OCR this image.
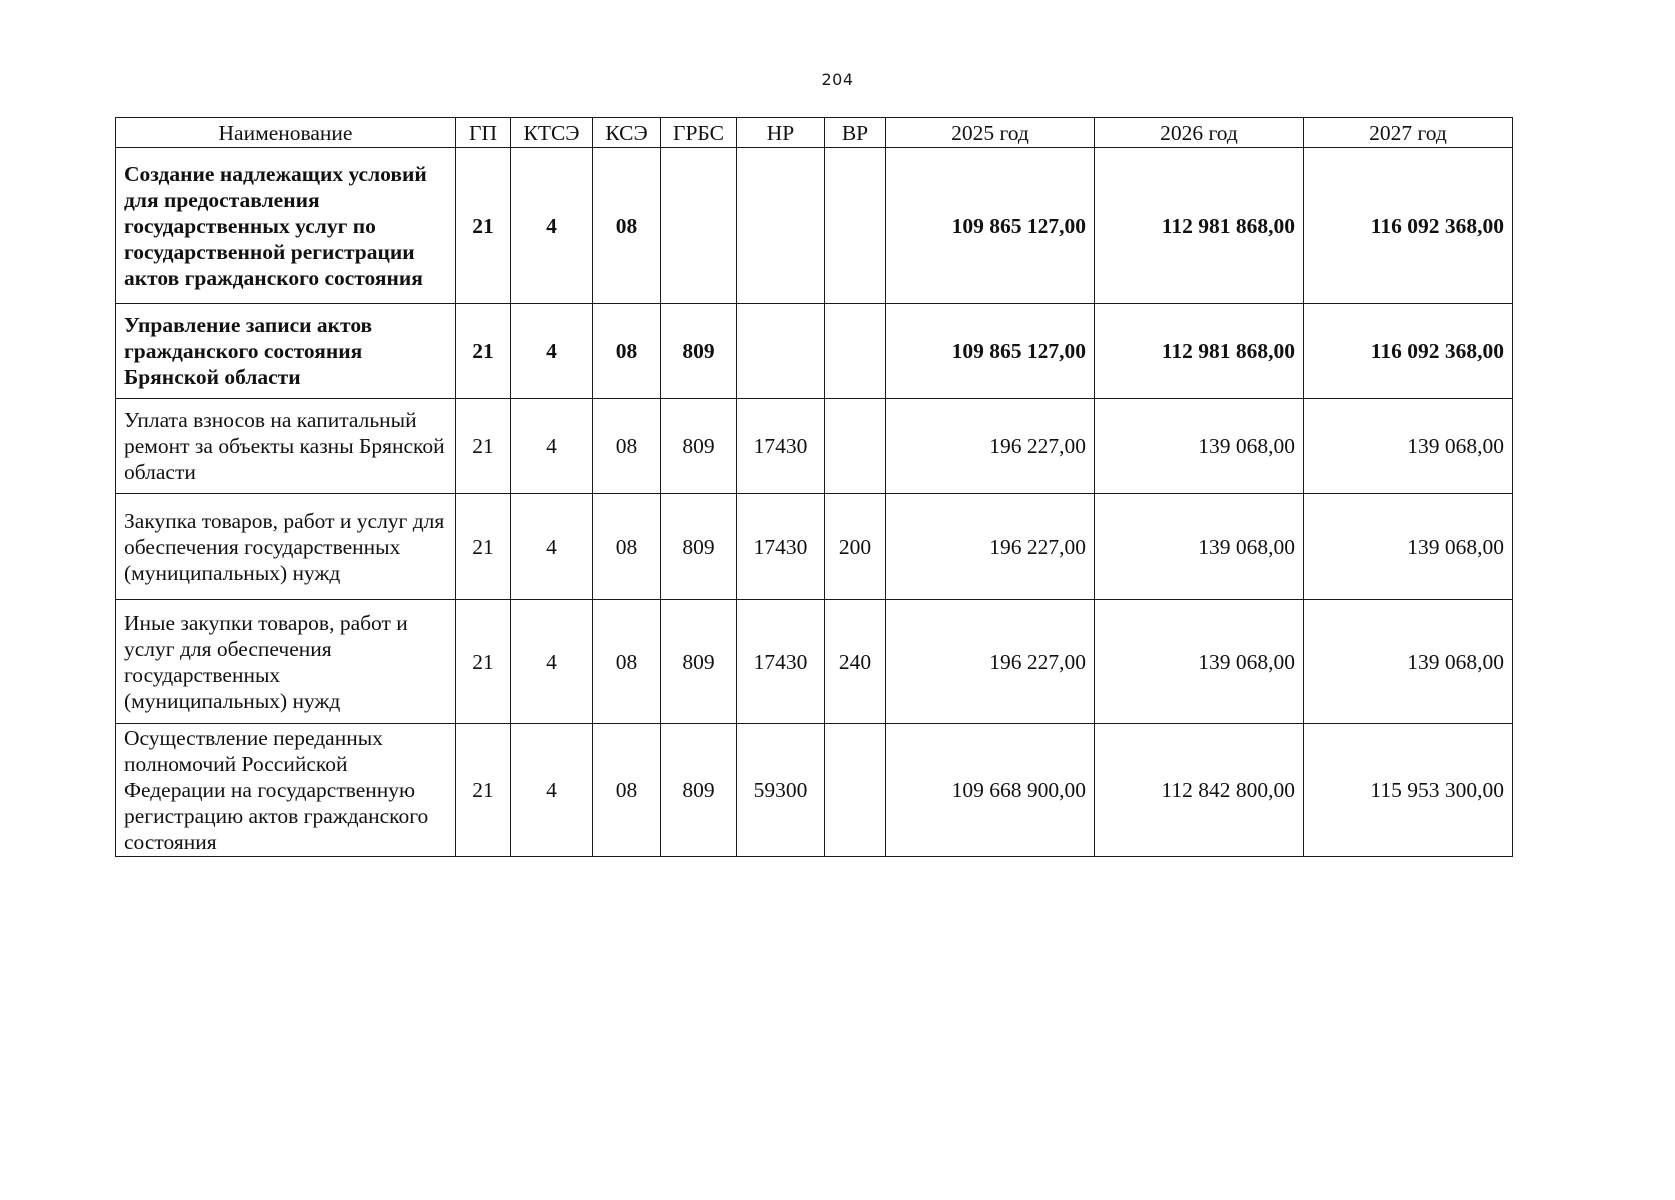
204
Наименование	ГП	КТСЭ	КСЭ	ГРБС	НР	ВР	2025 год	2026 год	2027 год
Создание надлежащих условий для предоставления государственных услуг по государственной регистрации актов гражданского состояния	21	4	08				109 865 127,00	112 981 868,00	116 092 368,00
Управление записи актов гражданского состояния Брянской области	21	4	08	809			109 865 127,00	112 981 868,00	116 092 368,00
Уплата взносов на капитальный ремонт за объекты казны Брянской области	21	4	08	809	17430		196 227,00	139 068,00	139 068,00
Закупка товаров, работ и услуг для обеспечения государственных (муниципальных) нужд	21	4	08	809	17430	200	196 227,00	139 068,00	139 068,00
Иные закупки товаров, работ и услуг для обеспечения государственных (муниципальных) нужд	21	4	08	809	17430	240	196 227,00	139 068,00	139 068,00
Осуществление переданных полномочий Российской Федерации на государственную регистрацию актов гражданского состояния	21	4	08	809	59300		109 668 900,00	112 842 800,00	115 953 300,00
